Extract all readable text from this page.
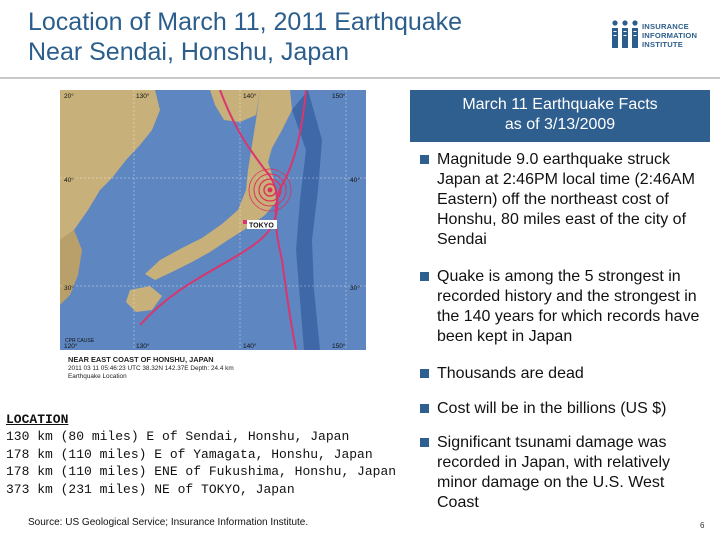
Location of March 11, 2011 Earthquake
Near Sendai, Honshu, Japan
INSURANCE
INFORMATION
INSTITUTE
TOKYO
CPR CAUSE
20°	130°	140°	150°
40°	40°
30°	30°
120°	130°	140°	150°
NEAR EAST COAST OF HONSHU, JAPAN
2011 03 11 05:46:23 UTC 38.32N 142.37E Depth: 24.4 km
Earthquake Location
LOCATION
130 km (80 miles) E of Sendai, Honshu, Japan
178 km (110 miles) E of Yamagata, Honshu, Japan
178 km (110 miles) ENE of Fukushima, Honshu, Japan
373 km (231 miles) NE of TOKYO, Japan
Source: US Geological Service; Insurance Information Institute.
March 11 Earthquake Facts
as of 3/13/2009
Magnitude 9.0 earthquake struck Japan at 2:46PM local time (2:46AM Eastern) off the northeast cost of Honshu, 80 miles east of the city of Sendai
Quake is among the 5 strongest in recorded history and the strongest in the 140 years for which records have been kept in Japan
Thousands are dead
Cost will be in the billions (US $)
Significant tsunami damage was recorded in Japan, with relatively minor damage on the U.S. West Coast
6
